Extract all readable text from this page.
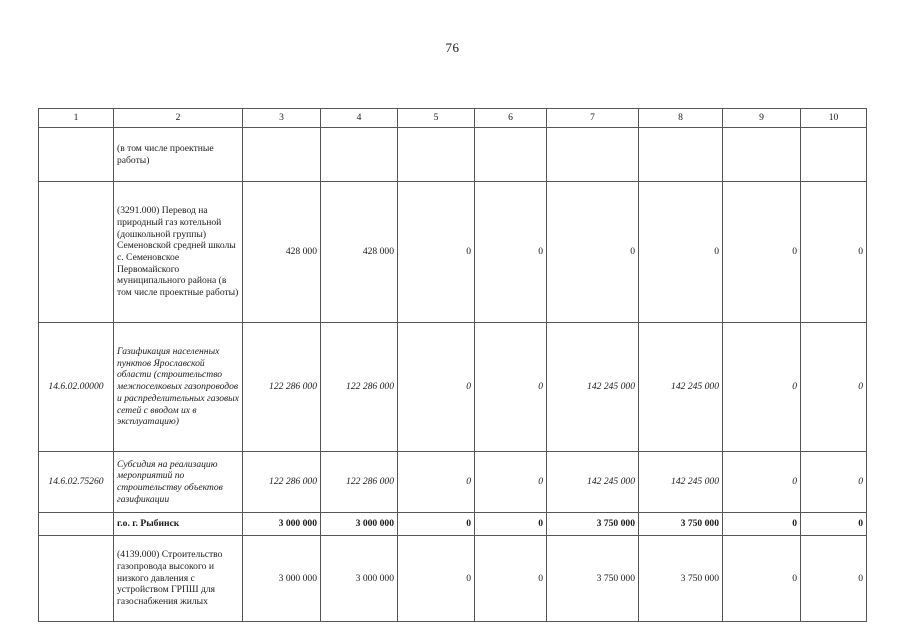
76
1	2	3	4	5	6	7	8	9	10
	(в том числе проектные работы)								
	(3291.000) Перевод на природный газ котельной (дошкольной группы) Семеновской средней школы с. Семеновское Первомайского муниципального района (в том числе проектные работы)	428 000	428 000	0	0	0	0	0	0
14.6.02.00000	Газификация населенных пунктов Ярославской области (строительство межпоселковых газопроводов и распределительных газовых сетей с вводом их в эксплуатацию)	122 286 000	122 286 000	0	0	142 245 000	142 245 000	0	0
14.6.02.75260	Субсидия на реализацию мероприятий по строительству объектов газификации	122 286 000	122 286 000	0	0	142 245 000	142 245 000	0	0
	г.о. г. Рыбинск	3 000 000	3 000 000	0	0	3 750 000	3 750 000	0	0
	(4139.000) Строительство газопровода высокого и низкого давления с устройством ГРПШ для газоснабжения жилых	3 000 000	3 000 000	0	0	3 750 000	3 750 000	0	0
